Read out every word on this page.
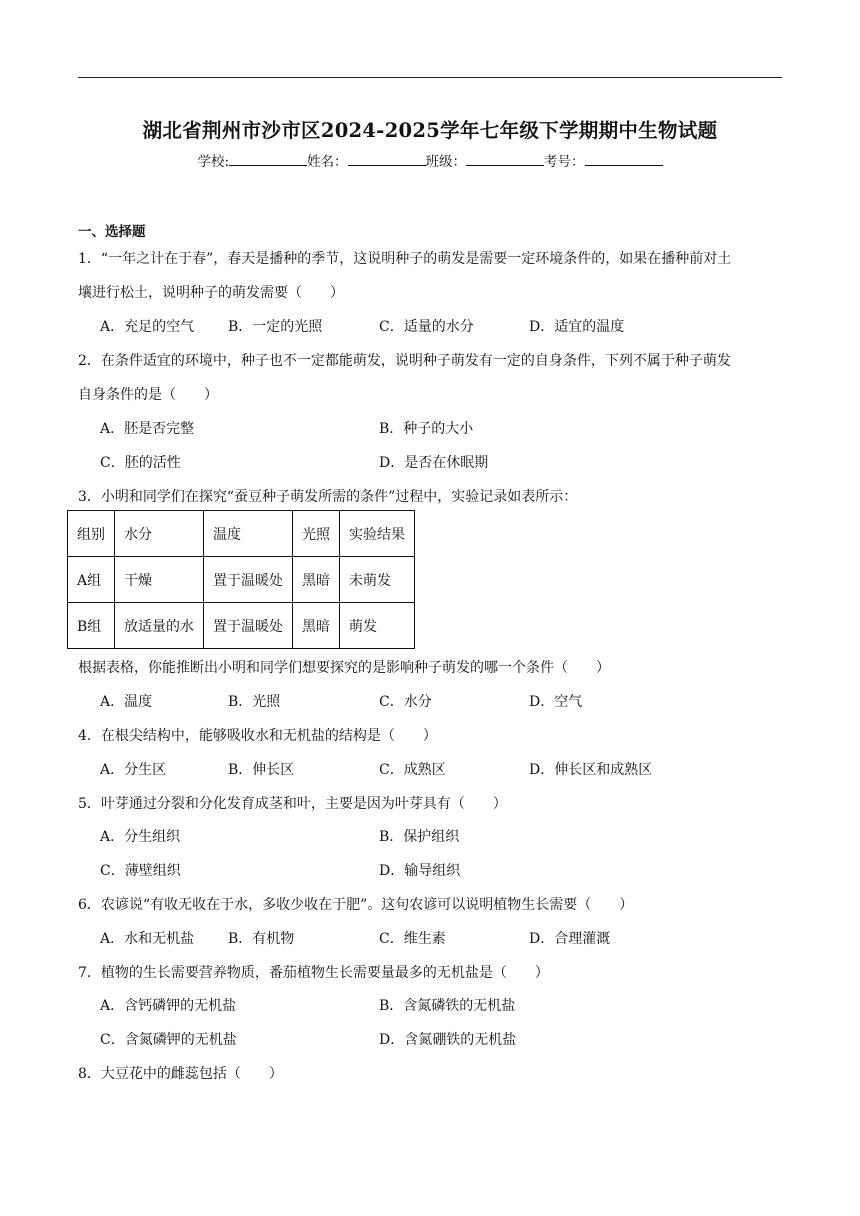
湖北省荆州市沙市区2024-2025学年七年级下学期期中生物试题
学校:	姓名：	班级：	考号：
一、选择题
1．“一年之计在于春”，春天是播种的季节，这说明种子的萌发是需要一定环境条件的，如果在播种前对土
壤进行松土，说明种子的萌发需要（　　）
A．充足的空气 B．一定的光照	C．适量的水分	D．适宜的温度
2．在条件适宜的环境中，种子也不一定都能萌发，说明种子萌发有一定的自身条件，下列不属于种子萌发
自身条件的是（　　）
A．胚是否完整	B．种子的大小
C．胚的活性	D．是否在休眠期
3．小明和同学们在探究“蚕豆种子萌发所需的条件”过程中，实验记录如表所示：
组别	水分	温度	光照	实验结果
A组	干燥	置于温暖处	黑暗	未萌发
B组	放适量的水	置于温暖处	黑暗	萌发
根据表格，你能推断出小明和同学们想要探究的是影响种子萌发的哪一个条件（　　）
A．温度	B．光照	C．水分	D．空气
4．在根尖结构中，能够吸收水和无机盐的结构是（　　）
A．分生区	B．伸长区	C．成熟区	D．伸长区和成熟区
5．叶芽通过分裂和分化发育成茎和叶，主要是因为叶芽具有（　　）
A．分生组织	B．保护组织
C．薄壁组织	D．输导组织
6．农谚说“有收无收在于水，多收少收在于肥”。这句农谚可以说明植物生长需要（　　）
A．水和无机盐 B．有机物	C．维生素	D．合理灌溉
7．植物的生长需要营养物质，番茄植物生长需要量最多的无机盐是（　　）
A．含钙磷钾的无机盐	B．含氮磷铁的无机盐
C．含氮磷钾的无机盐	D．含氮硼铁的无机盐
8．大豆花中的雌蕊包括（　　）
